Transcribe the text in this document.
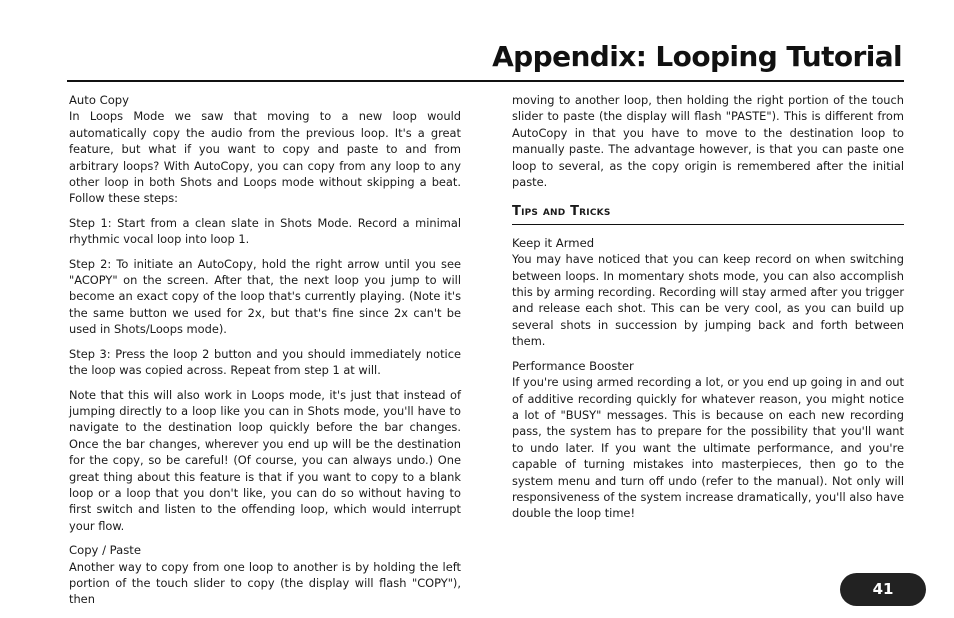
Appendix: Looping Tutorial
Auto Copy

In Loops Mode we saw that moving to a new loop would automatically copy the audio from the previous loop. It's a great feature, but what if you want to copy and paste to and from arbitrary loops? With AutoCopy, you can copy from any loop to any other loop in both Shots and Loops mode without skipping a beat. Follow these steps:

Step 1: Start from a clean slate in Shots Mode. Record a minimal rhythmic vocal loop into loop 1.

Step 2: To initiate an AutoCopy, hold the right arrow until you see "ACOPY" on the screen. After that, the next loop you jump to will become an exact copy of the loop that's currently playing. (Note it's the same button we used for 2x, but that's fine since 2x can't be used in Shots/Loops mode).

Step 3: Press the loop 2 button and you should immediately notice the loop was copied across. Repeat from step 1 at will.

Note that this will also work in Loops mode, it's just that instead of jumping directly to a loop like you can in Shots mode, you'll have to navigate to the destination loop quickly before the bar changes. Once the bar changes, wherever you end up will be the destination for the copy, so be careful! (Of course, you can always undo.) One great thing about this feature is that if you want to copy to a blank loop or a loop that you don't like, you can do so without having to first switch and listen to the offending loop, which would interrupt your flow.

Copy / Paste

Another way to copy from one loop to another is by holding the left portion of the touch slider to copy (the display will flash "COPY"), then

moving to another loop, then holding the right portion of the touch slider to paste (the display will flash "PASTE"). This is different from AutoCopy in that you have to move to the destination loop to manually paste. The advantage however, is that you can paste one loop to several, as the copy origin is remembered after the initial paste.

Tips and Tricks
Keep it Armed

You may have noticed that you can keep record on when switching between loops. In momentary shots mode, you can also accomplish this by arming recording. Recording will stay armed after you trigger and release each shot. This can be very cool, as you can build up several shots in succession by jumping back and forth between them.

Performance Booster

If you're using armed recording a lot, or you end up going in and out of additive recording quickly for whatever reason, you might notice a lot of "BUSY" messages. This is because on each new recording pass, the system has to prepare for the possibility that you'll want to undo later. If you want the ultimate performance, and you're capable of turning mistakes into masterpieces, then go to the system menu and turn off undo (refer to the manual). Not only will responsiveness of the system increase dramatically, you'll also have double the loop time!

41
